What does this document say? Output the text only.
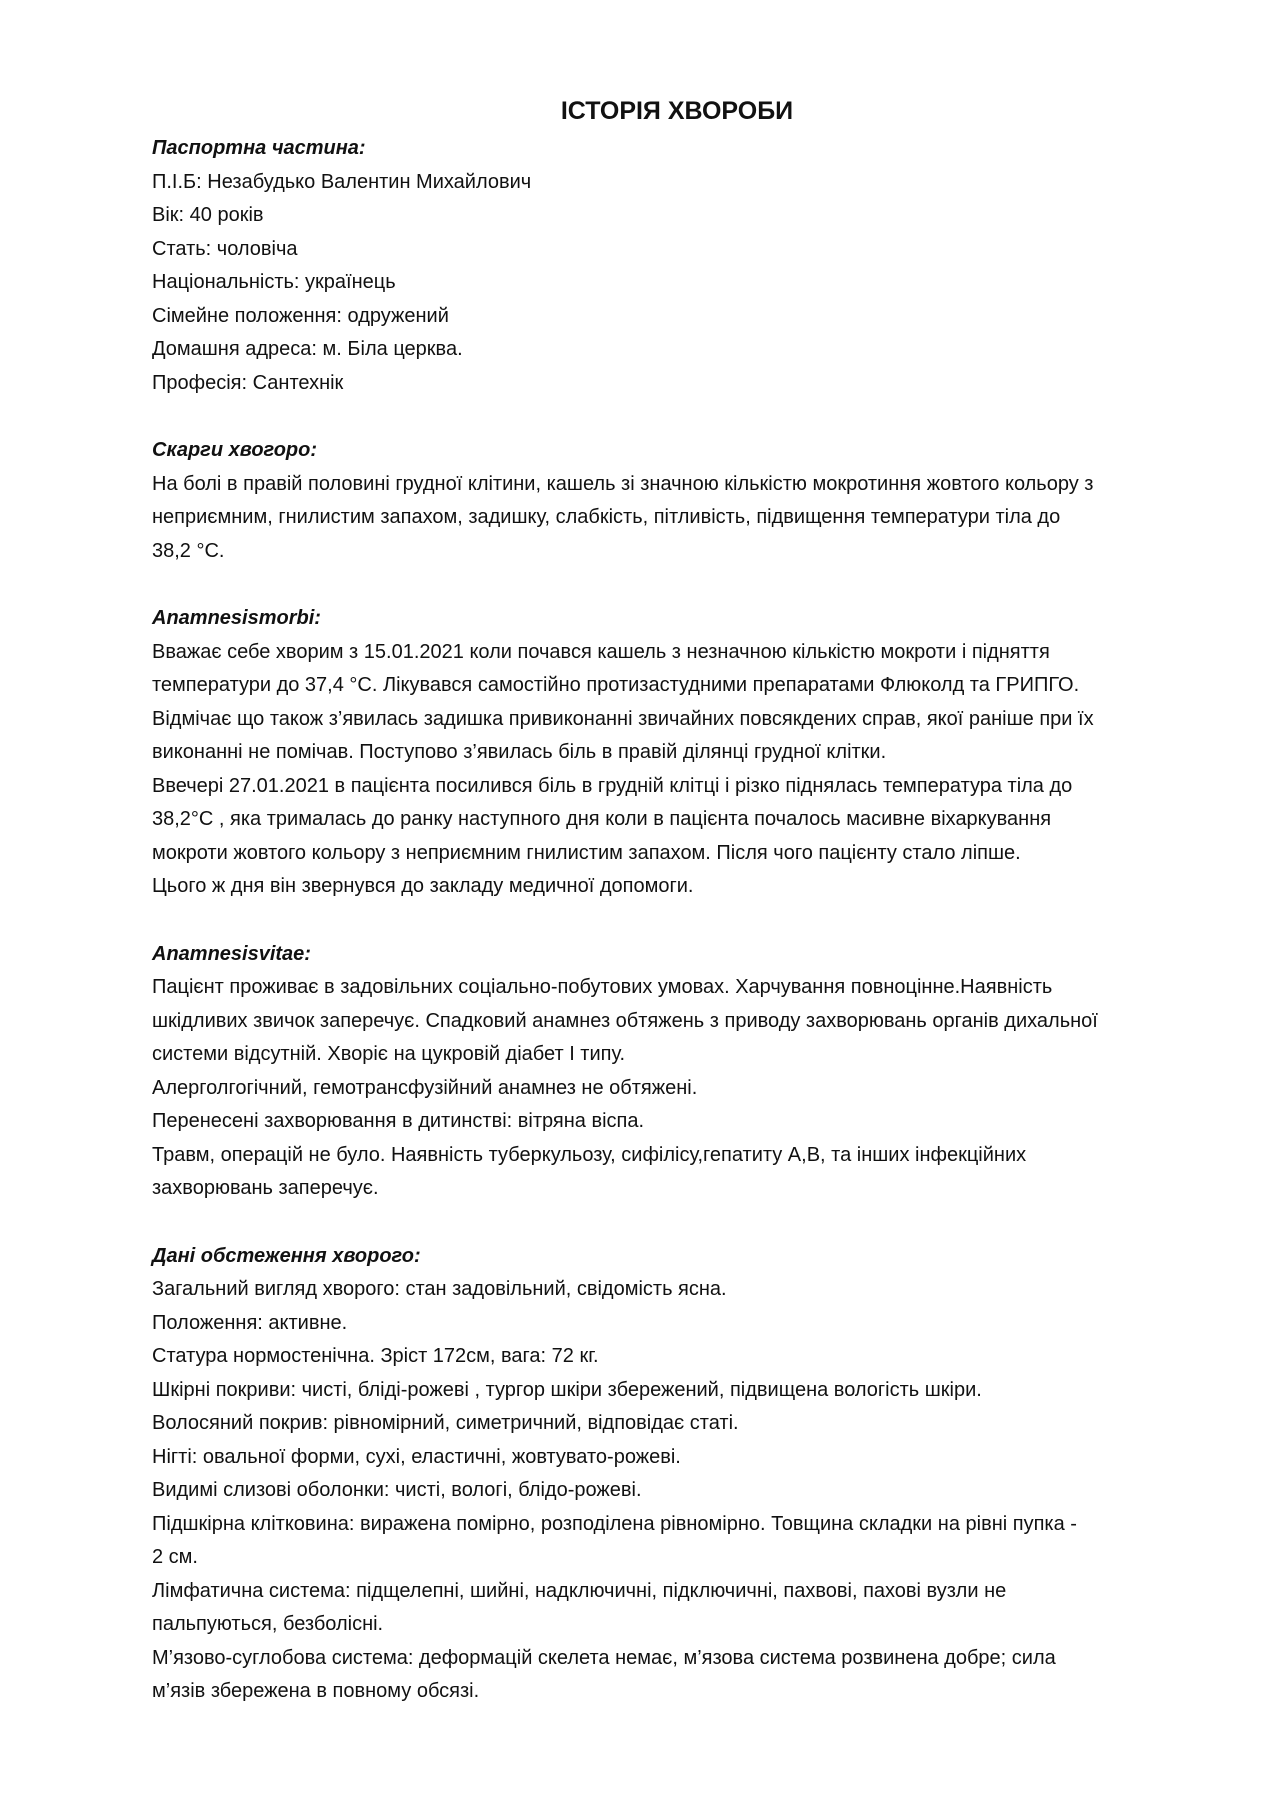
ІСТОРІЯ ХВОРОБИ

Паспортна частина:

П.І.Б : Незабудько Валентин Михайлович

Вік : 40 років

Стать : чоловіча

Національність : українець

Сімейне положення : одружений

Домашня адреса : м. Біла церква.

Професія : Сантехнік

Скарги хвогоро:

На болі в правій половині грудної клітини, кашель зі значною кількістю мокротиння жовтого кольору з

неприємним, гнилистим запахом, задишку, слабкість, пітливість, підвищення температури тіла до

38,2 °C.

Anamnesismorbi:

Вважає себе хворим з 15.01.2021 коли почався кашель з незначною кількістю мокроти і підняття

температури до 37,4 °C. Лікувався самостійно протизастудними препаратами Флюколд та ГРИПГО.

Відмічає що також з’явилась задишка привиконанні звичайних повсякдених справ, якої раніше при їх

виконанні не помічав. Поступово з’явилась біль в правій ділянці грудної клітки.

Ввечері 27.01.2021 в пацієнта посилився біль в грудній клітці і різко піднялась температура тіла до

38,2°C , яка трималась до ранку наступного дня коли в пацієнта почалось масивне віхаркування

мокроти жовтого кольору з неприємним гнилистим запахом. Після чого пацієнту стало ліпше.

Цього ж дня він звернувся до закладу медичної допомоги.

Anamnesisvitae:

Пацієнт проживає в задовільних соціально-побутових умовах. Харчування повноцінне.Наявність

шкідливих звичок заперечує. Спадковий анамнез обтяжень з приводу захворювань органів дихальної

системи відсутній. Хворіє на цукровій діабет І типу.

Алерголгогічний, гемотрансфузійний анамнез не обтяжені.

Перенесені захворювання в дитинстві: вітряна віспа.

Травм, операцій не було. Наявність туберкульозу, сифілісу,гепатиту А,В, та інших інфекційних

захворювань заперечує.

Дані обстеження хворого:

Загальний вигляд хворого: стан задовільний, свідомість ясна.

Положення: активне.

Статура нормостенічна. Зріст 172см, вага: 72 кг.

Шкірні покриви: чисті, бліді-рожеві , тургор шкіри збережений, підвищена вологість шкіри.

Волосяний покрив: рівномірний, симетричний, відповідає статі.

Нігті: овальної форми, сухі, еластичні, жовтувато-рожеві.

Видимі слизові оболонки: чисті, вологі, блідо-рожеві.

Підшкірна клітковина: виражена помірно, розподілена рівномірно. Товщина складки на рівні пупка -

2 см.

Лімфатична система: підщелепні, шийні, надключичні, підключичні, пахвові, пахові вузли не

пальпуються, безболісні.

М’язово-суглобова система: деформацій скелета немає, м’язова система розвинена добре; сила

м’язів збережена в повному обсязі.
